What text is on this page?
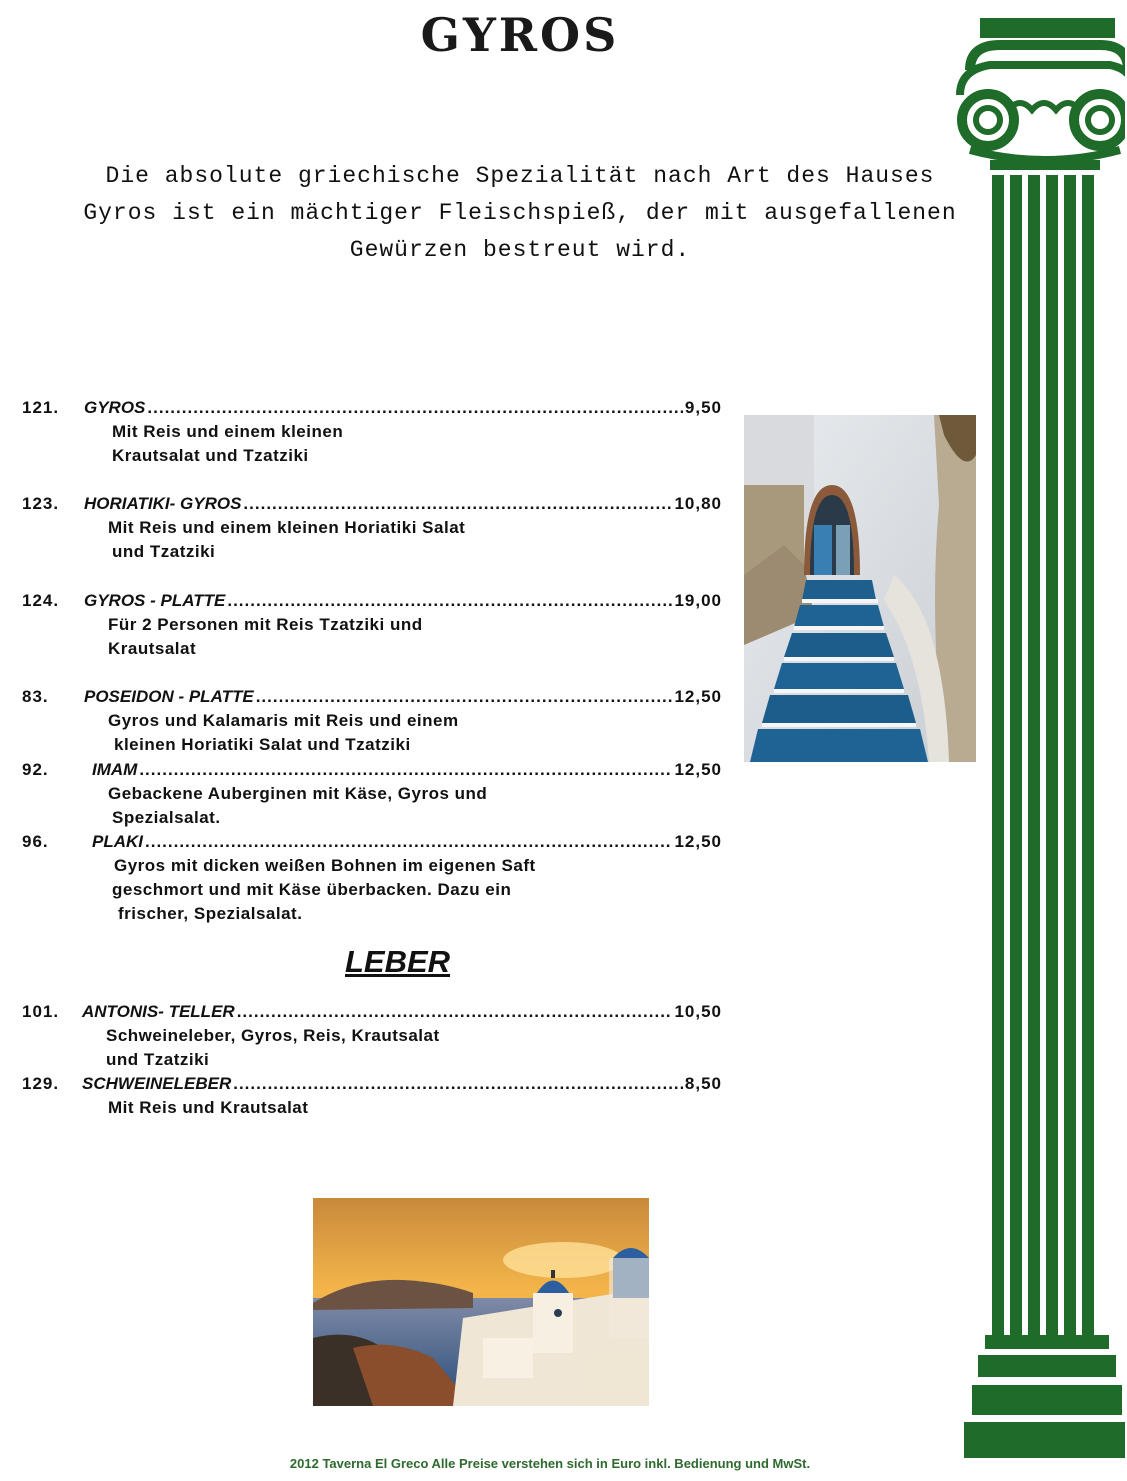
GYROS
Die absolute griechische Spezialität nach Art des Hauses
Gyros ist ein mächtiger Fleischspieß, der mit ausgefallenen
Gewürzen bestreut wird.
121.	GYROS .....	9,50
Mit Reis und einem kleinen
Krautsalat und Tzatziki
123.	HORIATIKI- GYROS .....	10,80
Mit Reis und einem kleinen Horiatiki Salat
und Tzatziki
124.	GYROS - PLATTE .....	19,00
Für 2 Personen mit Reis Tzatziki und
Krautsalat
83.	POSEIDON - PLATTE .....	12,50
Gyros und Kalamaris mit Reis und einem
kleinen Horiatiki Salat und Tzatziki
92.	IMAM .....	12,50
Gebackene Auberginen mit Käse, Gyros und
Spezialsalat.
96.	PLAKI .....	12,50
Gyros mit dicken weißen Bohnen im eigenen Saft
geschmort und mit Käse überbacken. Dazu ein
frischer, Spezialsalat.
LEBER
101.	ANTONIS- TELLER .....	10,50
Schweineleber, Gyros, Reis, Krautsalat
und Tzatziki
129.	SCHWEINELEBER .....	8,50
Mit Reis und Krautsalat
2012 Taverna El Greco Alle Preise verstehen sich in Euro inkl. Bedienung und MwSt.
